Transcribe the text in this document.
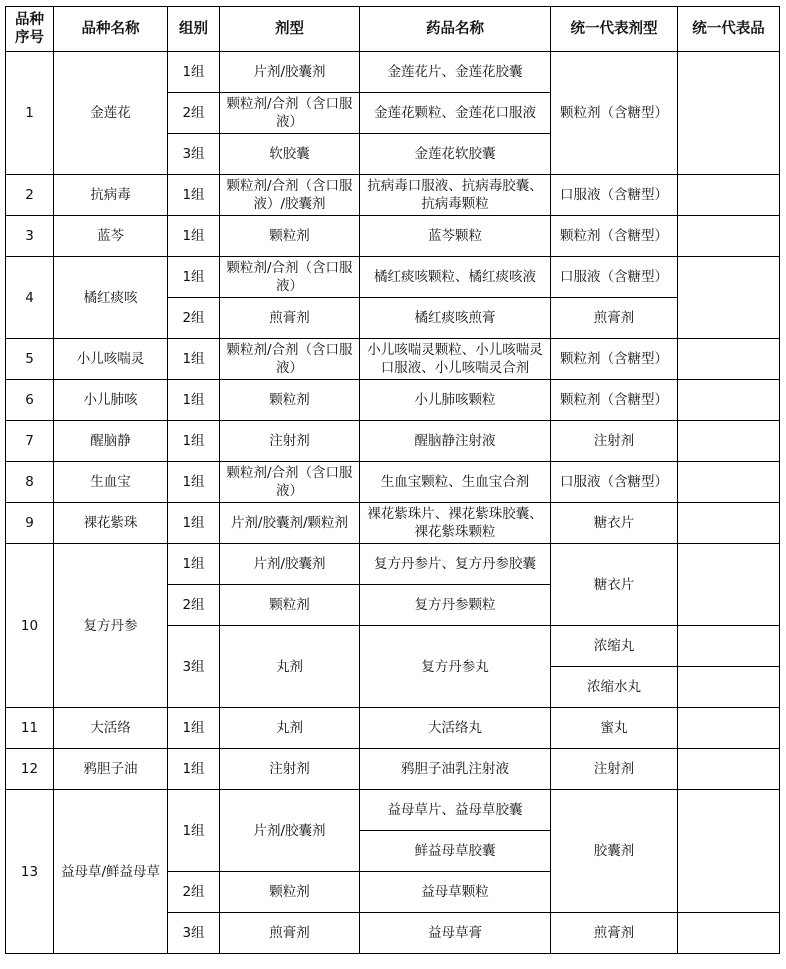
品种
序号	品种名称	组别	剂型	药品名称	统一代表剂型	统一代表品
1	金莲花	1组	片剂/胶囊剂	金莲花片、金莲花胶囊	颗粒剂（含糖型）	
		2组	颗粒剂/合剂（含口服液）	金莲花颗粒、金莲花口服液		
		3组	软胶囊	金莲花软胶囊		
2	抗病毒	1组	颗粒剂/合剂（含口服液）/胶囊剂	抗病毒口服液、抗病毒胶囊、抗病毒颗粒	口服液（含糖型）	
3	蓝芩	1组	颗粒剂	蓝芩颗粒	颗粒剂（含糖型）	
4	橘红痰咳	1组	颗粒剂/合剂（含口服液）	橘红痰咳颗粒、橘红痰咳液	口服液（含糖型）	
		2组	煎膏剂	橘红痰咳煎膏	煎膏剂	
5	小儿咳喘灵	1组	颗粒剂/合剂（含口服液）	小儿咳喘灵颗粒、小儿咳喘灵口服液、小儿咳喘灵合剂	颗粒剂（含糖型）	
6	小儿肺咳	1组	颗粒剂	小儿肺咳颗粒	颗粒剂（含糖型）	
7	醒脑静	1组	注射剂	醒脑静注射液	注射剂	
8	生血宝	1组	颗粒剂/合剂（含口服液）	生血宝颗粒、生血宝合剂	口服液（含糖型）	
9	裸花紫珠	1组	片剂/胶囊剂/颗粒剂	裸花紫珠片、裸花紫珠胶囊、裸花紫珠颗粒	糖衣片	
10	复方丹参	1组	片剂/胶囊剂	复方丹参片、复方丹参胶囊	糖衣片	
		2组	颗粒剂	复方丹参颗粒		
		3组	丸剂	复方丹参丸	浓缩丸	

					浓缩水丸	
11	大活络	1组	丸剂	大活络丸	蜜丸	
12	鸦胆子油	1组	注射剂	鸦胆子油乳注射液	注射剂	
13	益母草/鲜益母草	1组	片剂/胶囊剂	益母草片、益母草胶囊	胶囊剂	
				鲜益母草胶囊		
		2组	颗粒剂	益母草颗粒		
		3组	煎膏剂	益母草膏	煎膏剂	
